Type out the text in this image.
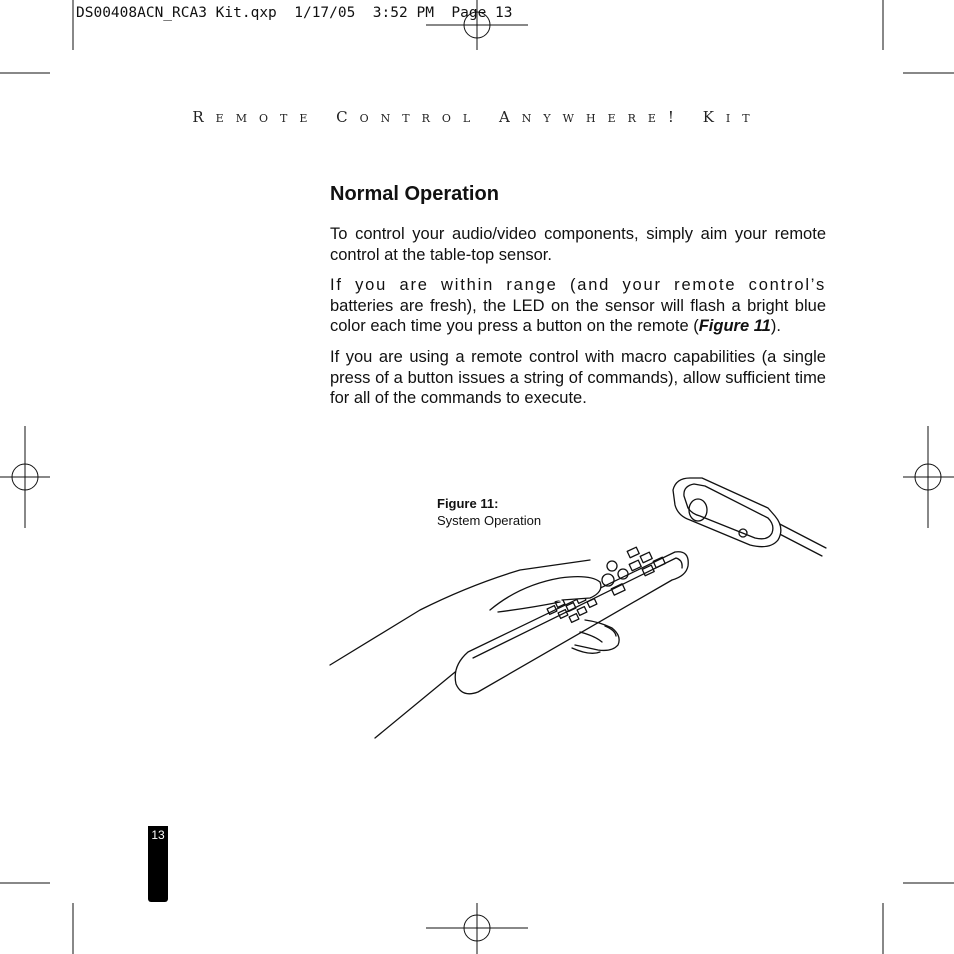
DS00408ACN_RCA3 Kit.qxp  1/17/05  3:52 PM  Page 13
Remote Control Anywhere! Kit
Normal Operation

To control your audio/video components, simply aim your remote control at the table-top sensor.

If you are within range (and your remote control’s batteries are fresh), the LED on the sensor will flash a bright blue color each time you press a button on the remote (Figure 11).

If you are using a remote control with macro capabilities (a single press of a button issues a string of commands), allow sufficient time for all of the commands to execute.

Figure 11:
System Operation
13
